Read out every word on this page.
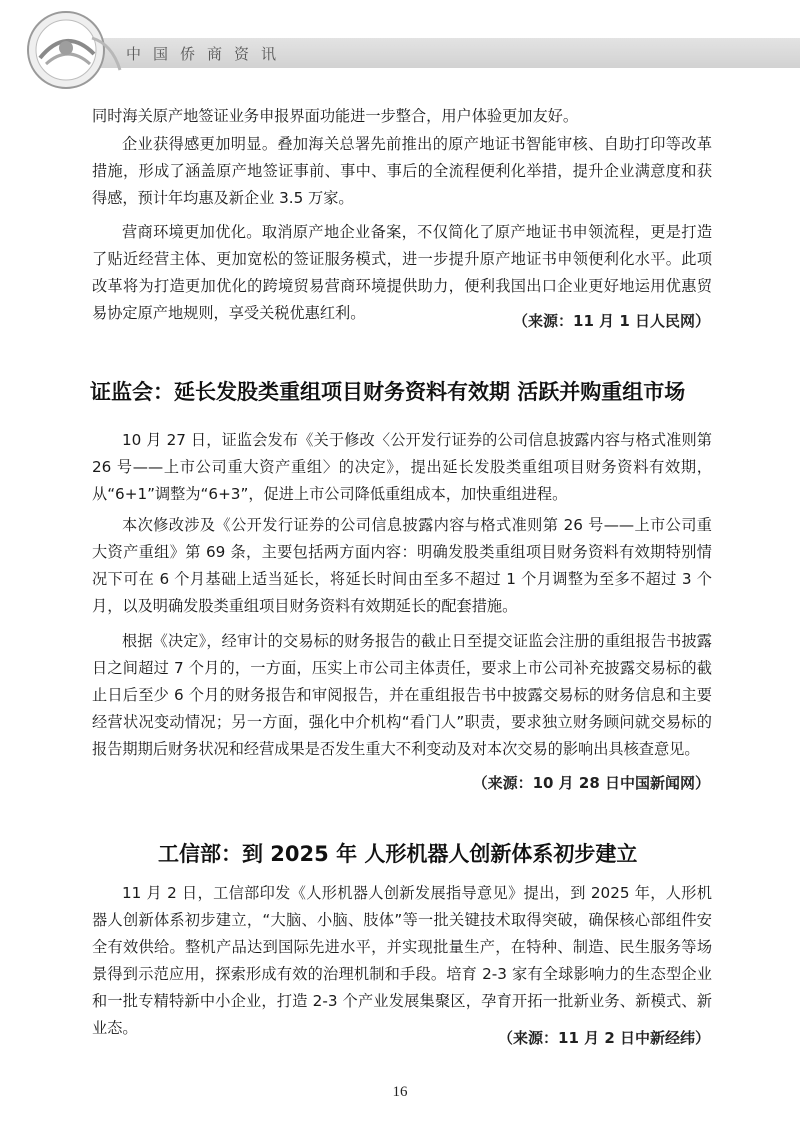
中国侨商资讯

同时海关原产地签证业务申报界面功能进一步整合，用户体验更加友好。

企业获得感更加明显。叠加海关总署先前推出的原产地证书智能审核、自助打印等改革措施，形成了涵盖原产地签证事前、事中、事后的全流程便利化举措，提升企业满意度和获得感，预计年均惠及新企业 3.5 万家。

营商环境更加优化。取消原产地企业备案，不仅简化了原产地证书申领流程，更是打造了贴近经营主体、更加宽松的签证服务模式，进一步提升原产地证书申领便利化水平。此项改革将为打造更加优化的跨境贸易营商环境提供助力，便利我国出口企业更好地运用优惠贸易协定原产地规则，享受关税优惠红利。	（来源：11 月 1 日人民网）
证监会：延长发股类重组项目财务资料有效期 活跃并购重组市场

10 月 27 日，证监会发布《关于修改〈公开发行证券的公司信息披露内容与格式准则第 26 号——上市公司重大资产重组〉的决定》，提出延长发股类重组项目财务资料有效期，从“6+1”调整为“6+3”，促进上市公司降低重组成本，加快重组进程。

本次修改涉及《公开发行证券的公司信息披露内容与格式准则第 26 号——上市公司重大资产重组》第 69 条，主要包括两方面内容：明确发股类重组项目财务资料有效期特别情况下可在 6 个月基础上适当延长，将延长时间由至多不超过 1 个月调整为至多不超过 3 个月，以及明确发股类重组项目财务资料有效期延长的配套措施。

根据《决定》，经审计的交易标的财务报告的截止日至提交证监会注册的重组报告书披露日之间超过 7 个月的，一方面，压实上市公司主体责任，要求上市公司补充披露交易标的截止日后至少 6 个月的财务报告和审阅报告，并在重组报告书中披露交易标的财务信息和主要经营状况变动情况；另一方面，强化中介机构“看门人”职责，要求独立财务顾问就交易标的报告期期后财务状况和经营成果是否发生重大不利变动及对本次交易的影响出具核查意见。

（来源：10 月 28 日中国新闻网）
工信部：到 2025 年 人形机器人创新体系初步建立

11 月 2 日，工信部印发《人形机器人创新发展指导意见》提出，到 2025 年，人形机器人创新体系初步建立，“大脑、小脑、肢体”等一批关键技术取得突破，确保核心部组件安全有效供给。整机产品达到国际先进水平，并实现批量生产，在特种、制造、民生服务等场景得到示范应用，探索形成有效的治理机制和手段。培育 2-3 家有全球影响力的生态型企业和一批专精特新中小企业，打造 2-3 个产业发展集聚区，孕育开拓一批新业务、新模式、新业态。

（来源：11 月 2 日中新经纬）
16
